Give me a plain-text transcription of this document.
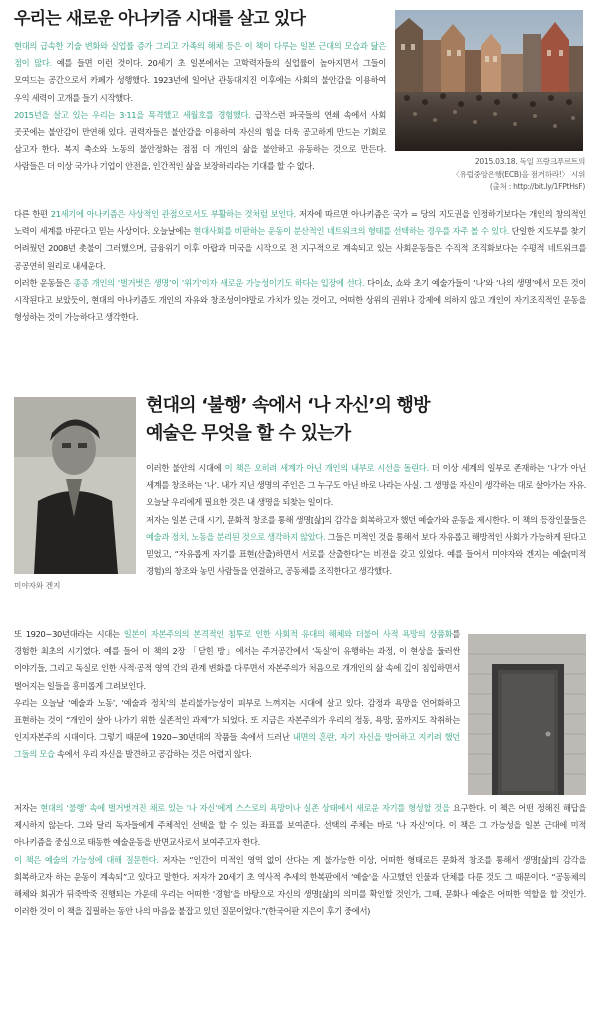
우리는 새로운 아나키즘 시대를 살고 있다

현대의 급속한 기술 변화와 실업률 증가 그리고 가족의 해체 등은 이 책이 다루는 일본 근대의 모습과 닮은 점이 많다. 예를 들면 이런 것이다. 20세기 초 일본에서는 고학력자들의 실업률이 높아지면서 그들이 모여드는 공간으로서 카페가 성행했다. 1923년에 일어난 관동대지진 이후에는 사회의 불안감을 이용하여 우익 세력이 고개를 들기 시작했다.
2015년을 살고 있는 우리는 3·11을 목격했고 세월호를 경험했다. 급작스런 파국들의 연쇄 속에서 사회 곳곳에는 불안감이 만연해 있다. 권력자들은 불안감을 이용하여 자신의 힘을 더욱 공고하게 만드는 기회로 삼고자 한다. 복지 축소와 노동의 불안정화는 점점 더 개인의 삶을 불안하고 유동하는 것으로 만든다. 사람들은 더 이상 국가나 기업이 안전을, 인간적인 삶을 보장하리라는 기대를 할 수 없다.	2015.03.18. 독일 프랑크푸르트의
〈유럽중앙은행(ECB)을 점거하라!〉 시위
(출처 : http://bit.ly/1FPtHsF)

다른 한편 21세기에 아나키즘은 사상적인 관점으로서도 부활하는 것처럼 보인다. 저자에 따르면 아나키즘은 국가 = 당의 지도권을 인정하기보다는 개인의 창의적인 노력이 세계를 바꾼다고 믿는 사상이다. 오늘날에는 현대사회를 비판하는 운동이 분산적인 네트워크의 형태를 선택하는 경우를 자주 볼 수 있다. 단일한 지도부를 찾기 어려웠던 2008년 촛불이 그러했으며, 금융위기 이후 아랍과 미국을 시작으로 전 지구적으로 계속되고 있는 사회운동들은 수직적 조직화보다는 수평적 네트워크를 공공연히 원리로 내세운다.
이러한 운동들은 종종 개인의 ‘벌거벗은 생명’이 ‘위기’이자 새로운 가능성이기도 하다는 입장에 선다. 다이쇼, 쇼와 초기 예술가들이 ‘나’와 ‘나의 생명’에서 모든 것이 시작된다고 보았듯이, 현대의 아나키즘도 개인의 자유와 창조성이야말로 가치가 있는 것이고, 어떠한 상위의 권위나 강제에 의하지 않고 개인이 자기조직적인 운동을 형성하는 것이 가능하다고 생각한다.

미야자와 겐지
현대의 ‘불행’ 속에서 ‘나 자신’의 행방
예술은 무엇을 할 수 있는가

이러한 불안의 시대에 이 책은 오히려 세계가 아닌 개인의 내부로 시선을 돌린다. 더 이상 세계의 일부로 존재하는 ‘나’가 아닌 세계를 창조하는 ‘나’. 내가 지닌 생명의 주인은 그 누구도 아닌 바로 나라는 사실. 그 생명을 자신이 생각하는 대로 살아가는 자유. 오늘날 우리에게 필요한 것은 내 생명을 되찾는 일이다.
저자는 일본 근대 시기, 문화적 창조를 통해 생명[삶]의 감각을 회복하고자 했던 예술가와 운동을 제시한다. 이 책의 등장인물들은 예술과 정치, 노동을 분리된 것으로 생각하지 않았다. 그들은 미적인 것을 통해서 보다 자유롭고 해방적인 사회가 가능하게 된다고 믿었고, “자유롭게 자기를 표현(산출)하면서 서로를 산출한다”는 비전을 갖고 있었다. 예를 들어서 미야자와 겐지는 예술(미적 경험)의 창조와 농민 사람들을 연결하고, 공동체를 조직한다고 생각했다.

또 1920~30년대라는 시대는 일본이 자본주의의 본격적인 침투로 인한 사회적 유대의 해체와 더불어 사적 욕망의 상품화를 경험한 최초의 시기였다. 예를 들어 이 책의 2장 「닫힌 방」에서는 주거공간에서 ‘독실’이 유행하는 과정, 이 현상을 둘러싼 이야기들, 그리고 독실로 인한 사적·공적 영역 간의 관계 변화를 다루면서 자본주의가 처음으로 개개인의 삶 속에 깊이 침입하면서 벌어지는 일들을 흥미롭게 그려보인다.
우리는 오늘날 ‘예술과 노동’, ‘예술과 정치’의 분리불가능성이 피부로 느껴지는 시대에 살고 있다. 감정과 욕망을 언어화하고 표현하는 것이 “개인이 살아 나가기 위한 실존적인 과제”가 되었다. 또 지금은 자본주의가 우리의 정동, 욕망, 꿈까지도 착취하는 인지자본주의 시대이다. 그렇기 때문에 1920~30년대의 작품들 속에서 드러난 내면의 혼란, 자기 자신을 방어하고 지키려 했던 그들의 모습 속에서 우리 자신을 발견하고 공감하는 것은 어렵지 않다.

저자는 현대의 ‘불행’ 속에 벌거벗겨진 채로 있는 ‘나 자신’에게 스스로의 욕망이나 실존 상태에서 새로운 자기를 형성할 것을 요구한다. 이 책은 어떤 정해진 해답을 제시하지 않는다. 그와 달리 독자들에게 주체적인 선택을 할 수 있는 좌표를 보여준다. 선택의 주체는 바로 ‘나 자신’이다. 이 책은 그 가능성을 일본 근대에 미적 아나키즘을 중심으로 태동한 예술운동을 반면교사로서 보여주고자 한다.
이 책은 예술의 가능성에 대해 질문한다. 저자는 “인간이 미적인 영역 없이 산다는 게 불가능한 이상, 어떠한 형태로든 문화적 창조를 통해서 생명[삶]의 감각을 회복하고자 하는 운동이 계속되”고 있다고 말한다. 저자가 20세기 초 역사적 추세의 한복판에서 ‘예술’을 사고했던 인물과 단체를 다룬 것도 그 때문이다. “공동체의 해체와 회귀가 뒤죽박죽 진행되는 가운데 우리는 어떠한 ‘경험’을 바탕으로 자신의 생명[삶]의 의미를 확인할 것인가, 그때, 문화나 예술은 어떠한 역할을 할 것인가. 이러한 것이 이 책을 집필하는 동안 나의 마음을 붙잡고 있던 질문이었다.”(한국어판 지은이 후기 중에서)
